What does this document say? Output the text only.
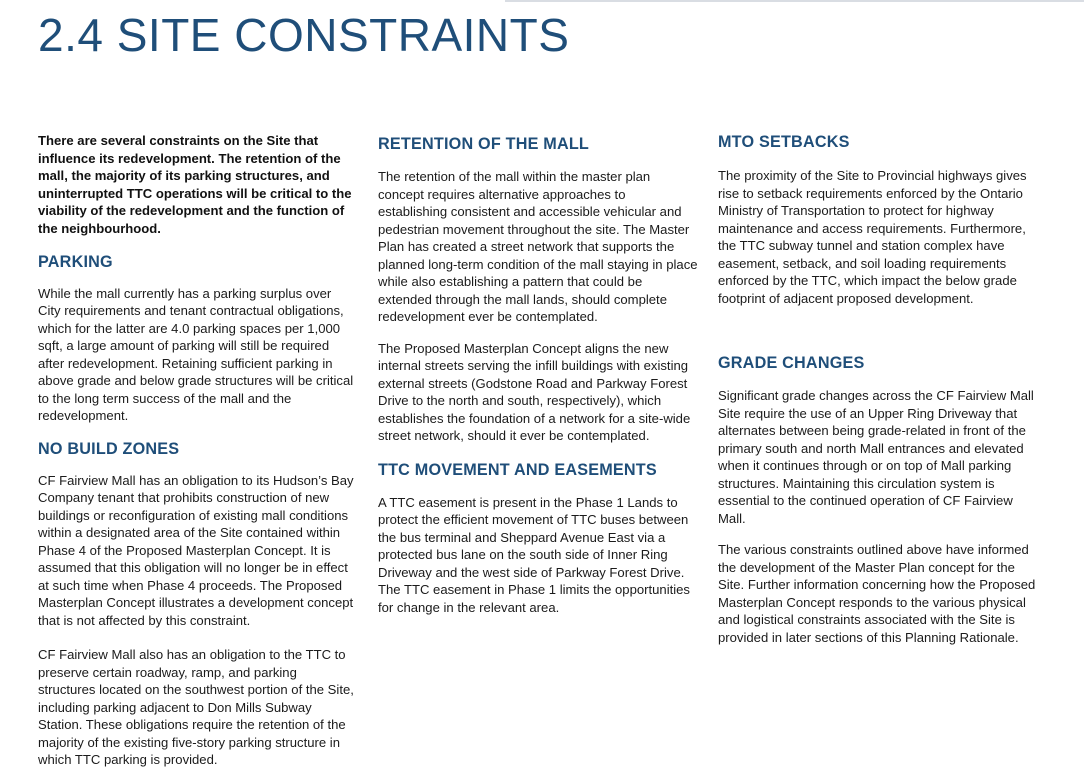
2.4 SITE CONSTRAINTS

There are several constraints on the Site that influence its redevelopment. The retention of the mall, the majority of its parking structures, and uninterrupted TTC operations will be critical to the viability of the redevelopment and the function of the neighbourhood.

PARKING

While the mall currently has a parking surplus over City requirements and tenant contractual obligations, which for the latter are 4.0 parking spaces per 1,000 sqft, a large amount of parking will still be required after redevelopment. Retaining sufficient parking in above grade and below grade structures will be critical to the long term success of the mall and the redevelopment.

NO BUILD ZONES

CF Fairview Mall has an obligation to its Hudson’s Bay Company tenant that prohibits construction of new buildings or reconfiguration of existing mall conditions within a designated area of the Site contained within Phase 4 of the Proposed Masterplan Concept. It is assumed that this obligation will no longer be in effect at such time when Phase 4 proceeds. The Proposed Masterplan Concept illustrates a development concept that is not affected by this constraint.

CF Fairview Mall also has an obligation to the TTC to preserve certain roadway, ramp, and parking structures located on the southwest portion of the Site, including parking adjacent to Don Mills Subway Station. These obligations require the retention of the majority of the existing five-story parking structure in which TTC parking is provided.

RETENTION OF THE MALL

The retention of the mall within the master plan concept requires alternative approaches to establishing consistent and accessible vehicular and pedestrian movement throughout the site. The Master Plan has created a street network that supports the planned long-term condition of the mall staying in place while also establishing a pattern that could be extended through the mall lands, should complete redevelopment ever be contemplated.

The Proposed Masterplan Concept aligns the new internal streets serving the infill buildings with existing external streets (Godstone Road and Parkway Forest Drive to the north and south, respectively), which establishes the foundation of a network for a site-wide street network, should it ever be contemplated.

TTC MOVEMENT AND EASEMENTS

A TTC easement is present in the Phase 1 Lands to protect the efficient movement of TTC buses between the bus terminal and Sheppard Avenue East via a protected bus lane on the south side of Inner Ring Driveway and the west side of Parkway Forest Drive. The TTC easement in Phase 1 limits the opportunities for change in the relevant area.

MTO SETBACKS

The proximity of the Site to Provincial highways gives rise to setback requirements enforced by the Ontario Ministry of Transportation to protect for highway maintenance and access requirements. Furthermore, the TTC subway tunnel and station complex have easement, setback, and soil loading requirements enforced by the TTC, which impact the below grade footprint of adjacent proposed development.

GRADE CHANGES

Significant grade changes across the CF Fairview Mall Site require the use of an Upper Ring Driveway that alternates between being grade-related in front of the primary south and north Mall entrances and elevated when it continues through or on top of Mall parking structures. Maintaining this circulation system is essential to the continued operation of CF Fairview Mall.

The various constraints outlined above have informed the development of the Master Plan concept for the Site. Further information concerning how the Proposed Masterplan Concept responds to the various physical and logistical constraints associated with the Site is provided in later sections of this Planning Rationale.
